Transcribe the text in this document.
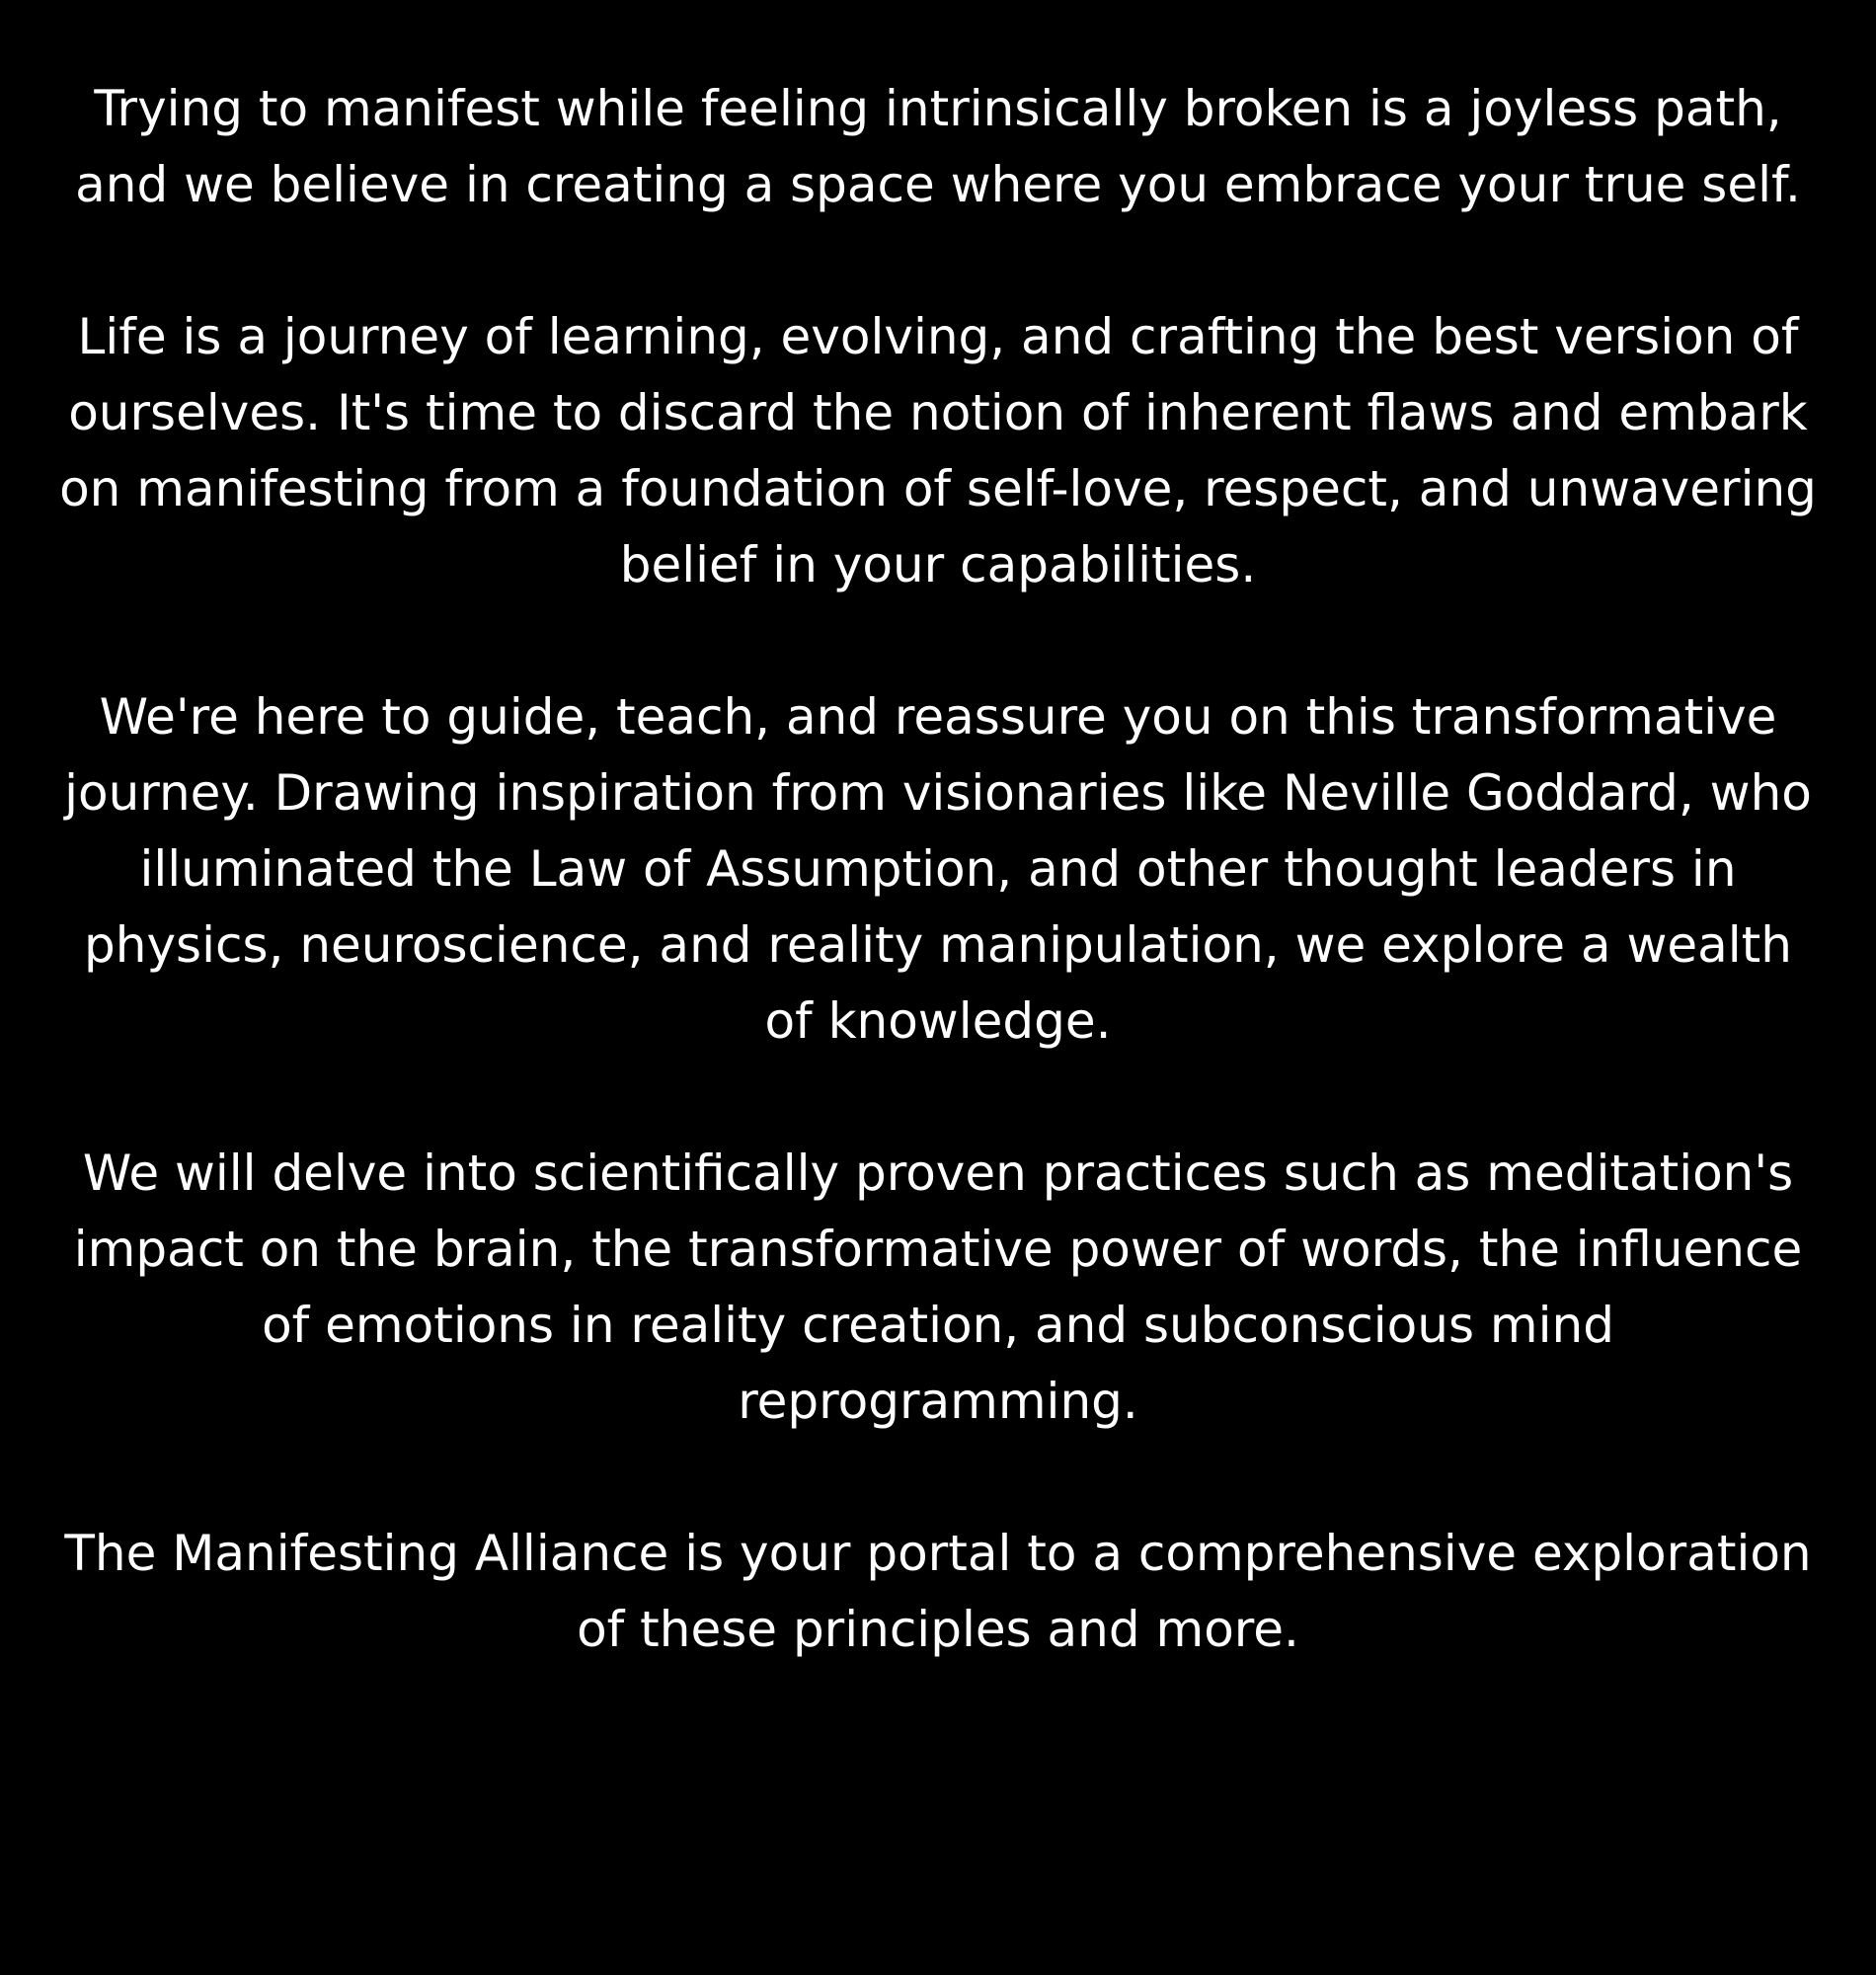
Trying to manifest while feeling intrinsically broken is a joyless path, and we believe in creating a space where you embrace your true self.

Life is a journey of learning, evolving, and crafting the best version of ourselves. It's time to discard the notion of inherent flaws and embark on manifesting from a foundation of self-love, respect, and unwavering belief in your capabilities.

We're here to guide, teach, and reassure you on this transformative journey. Drawing inspiration from visionaries like Neville Goddard, who illuminated the Law of Assumption, and other thought leaders in physics, neuroscience, and reality manipulation, we explore a wealth of knowledge.

We will delve into scientifically proven practices such as meditation's impact on the brain, the transformative power of words, the influence of emotions in reality creation, and subconscious mind reprogramming.

The Manifesting Alliance is your portal to a comprehensive exploration of these principles and more.
